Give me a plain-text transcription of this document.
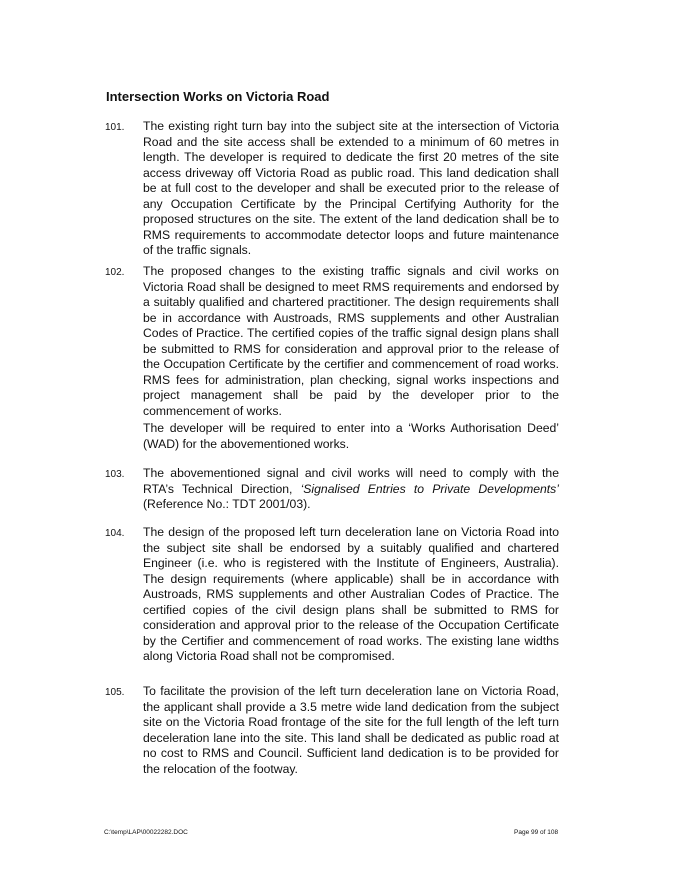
Intersection Works on Victoria Road
101. The existing right turn bay into the subject site at the intersection of Victoria Road and the site access shall be extended to a minimum of 60 metres in length. The developer is required to dedicate the first 20 metres of the site access driveway off Victoria Road as public road. This land dedication shall be at full cost to the developer and shall be executed prior to the release of any Occupation Certificate by the Principal Certifying Authority for the proposed structures on the site. The extent of the land dedication shall be to RMS requirements to accommodate detector loops and future maintenance of the traffic signals.

102. The proposed changes to the existing traffic signals and civil works on Victoria Road shall be designed to meet RMS requirements and endorsed by a suitably qualified and chartered practitioner. The design requirements shall be in accordance with Austroads, RMS supplements and other Australian Codes of Practice. The certified copies of the traffic signal design plans shall be submitted to RMS for consideration and approval prior to the release of the Occupation Certificate by the certifier and commencement of road works. RMS fees for administration, plan checking, signal works inspections and project management shall be paid by the developer prior to the commencement of works.

The developer will be required to enter into a ‘Works Authorisation Deed’ (WAD) for the abovementioned works.

103. The abovementioned signal and civil works will need to comply with the RTA’s Technical Direction, ‘Signalised Entries to Private Developments’ (Reference No.: TDT 2001/03).

104. The design of the proposed left turn deceleration lane on Victoria Road into the subject site shall be endorsed by a suitably qualified and chartered Engineer (i.e. who is registered with the Institute of Engineers, Australia). The design requirements (where applicable) shall be in accordance with Austroads, RMS supplements and other Australian Codes of Practice. The certified copies of the civil design plans shall be submitted to RMS for consideration and approval prior to the release of the Occupation Certificate by the Certifier and commencement of road works. The existing lane widths along Victoria Road shall not be compromised.

105. To facilitate the provision of the left turn deceleration lane on Victoria Road, the applicant shall provide a 3.5 metre wide land dedication from the subject site on the Victoria Road frontage of the site for the full length of the left turn deceleration lane into the site. This land shall be dedicated as public road at no cost to RMS and Council. Sufficient land dedication is to be provided for the relocation of the footway.

C:\temp\LAP\00022282.DOC	Page 99 of 108
